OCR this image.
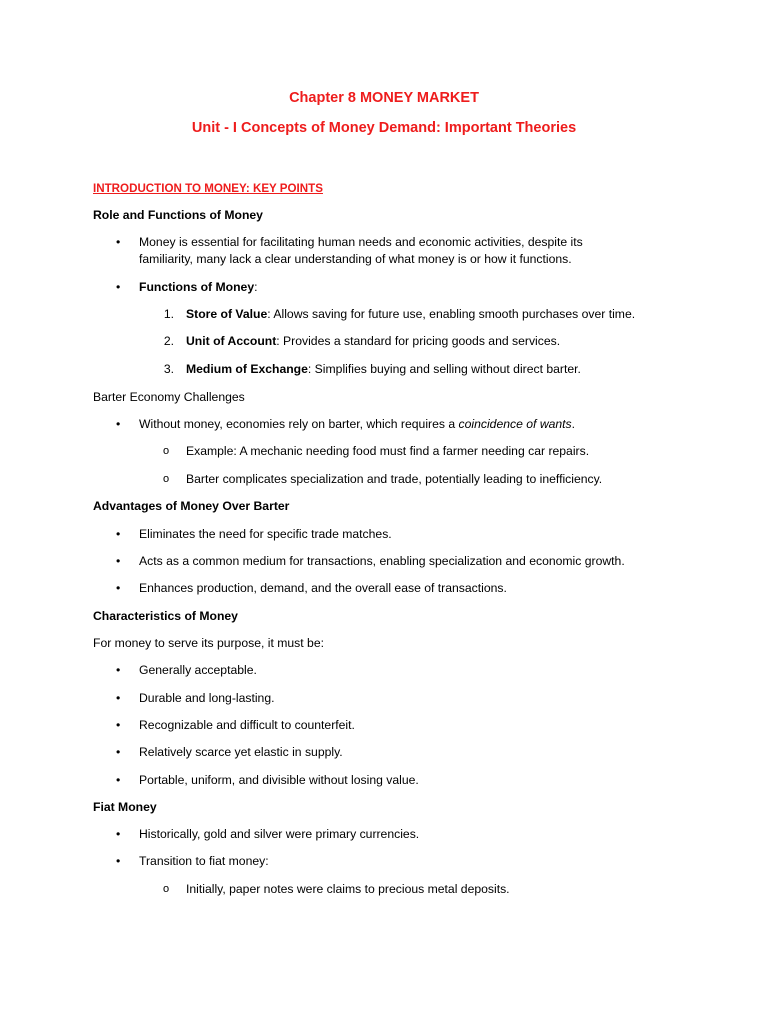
Chapter 8 MONEY MARKET
Unit - I Concepts of Money Demand: Important Theories
INTRODUCTION TO MONEY: KEY POINTS
Role and Functions of Money
• Money is essential for facilitating human needs and economic activities, despite its
familiarity, many lack a clear understanding of what money is or how it functions.
• Functions of Money:
1. Store of Value: Allows saving for future use, enabling smooth purchases over time.
2. Unit of Account: Provides a standard for pricing goods and services.
3. Medium of Exchange: Simplifies buying and selling without direct barter.
Barter Economy Challenges
• Without money, economies rely on barter, which requires a coincidence of wants.
o Example: A mechanic needing food must find a farmer needing car repairs.
o Barter complicates specialization and trade, potentially leading to inefficiency.
Advantages of Money Over Barter
• Eliminates the need for specific trade matches.
• Acts as a common medium for transactions, enabling specialization and economic growth.
• Enhances production, demand, and the overall ease of transactions.
Characteristics of Money
For money to serve its purpose, it must be:
• Generally acceptable.
• Durable and long-lasting.
• Recognizable and difficult to counterfeit.
• Relatively scarce yet elastic in supply.
• Portable, uniform, and divisible without losing value.
Fiat Money
• Historically, gold and silver were primary currencies.
• Transition to fiat money:
o Initially, paper notes were claims to precious metal deposits.
